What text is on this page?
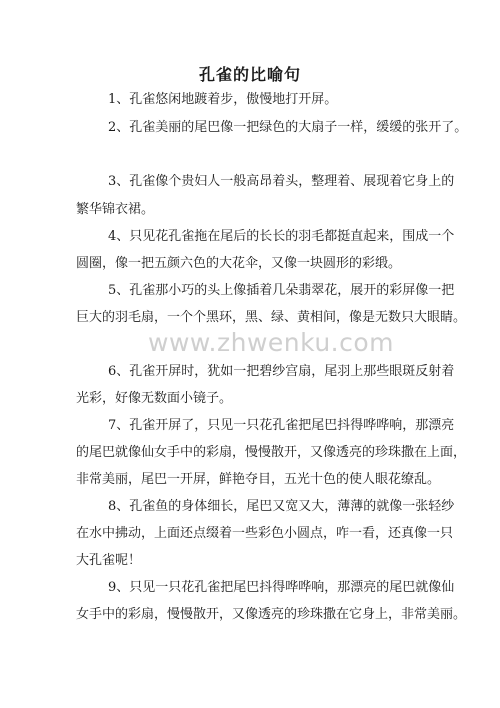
孔雀的比喻句
www.zhwenku.com
1、孔雀悠闲地踱着步，傲慢地打开屏。
2、孔雀美丽的尾巴像一把绿色的大扇子一样，缓缓的张开了。
3、孔雀像个贵妇人一般高昂着头，整理着、展现着它身上的
繁华锦衣裙。
4、只见花孔雀拖在尾后的长长的羽毛都挺直起来，围成一个
圆圈，像一把五颜六色的大花伞，又像一块圆形的彩缎。
5、孔雀那小巧的头上像插着几朵翡翠花，展开的彩屏像一把
巨大的羽毛扇，一个个黑环，黑、绿、黄相间，像是无数只大眼睛。
6、孔雀开屏时，犹如一把碧纱宫扇，尾羽上那些眼斑反射着
光彩，好像无数面小镜子。
7、孔雀开屏了，只见一只花孔雀把尾巴抖得哗哗响，那漂亮
的尾巴就像仙女手中的彩扇，慢慢散开，又像透亮的珍珠撒在上面，
非常美丽，尾巴一开屏，鲜艳夺目，五光十色的使人眼花缭乱。
8、孔雀鱼的身体细长，尾巴又宽又大，薄薄的就像一张轻纱
在水中拂动，上面还点缀着一些彩色小圆点，咋一看，还真像一只
大孔雀呢！
9、只见一只花孔雀把尾巴抖得哗哗响，那漂亮的尾巴就像仙
女手中的彩扇，慢慢散开，又像透亮的珍珠撒在它身上，非常美丽。
